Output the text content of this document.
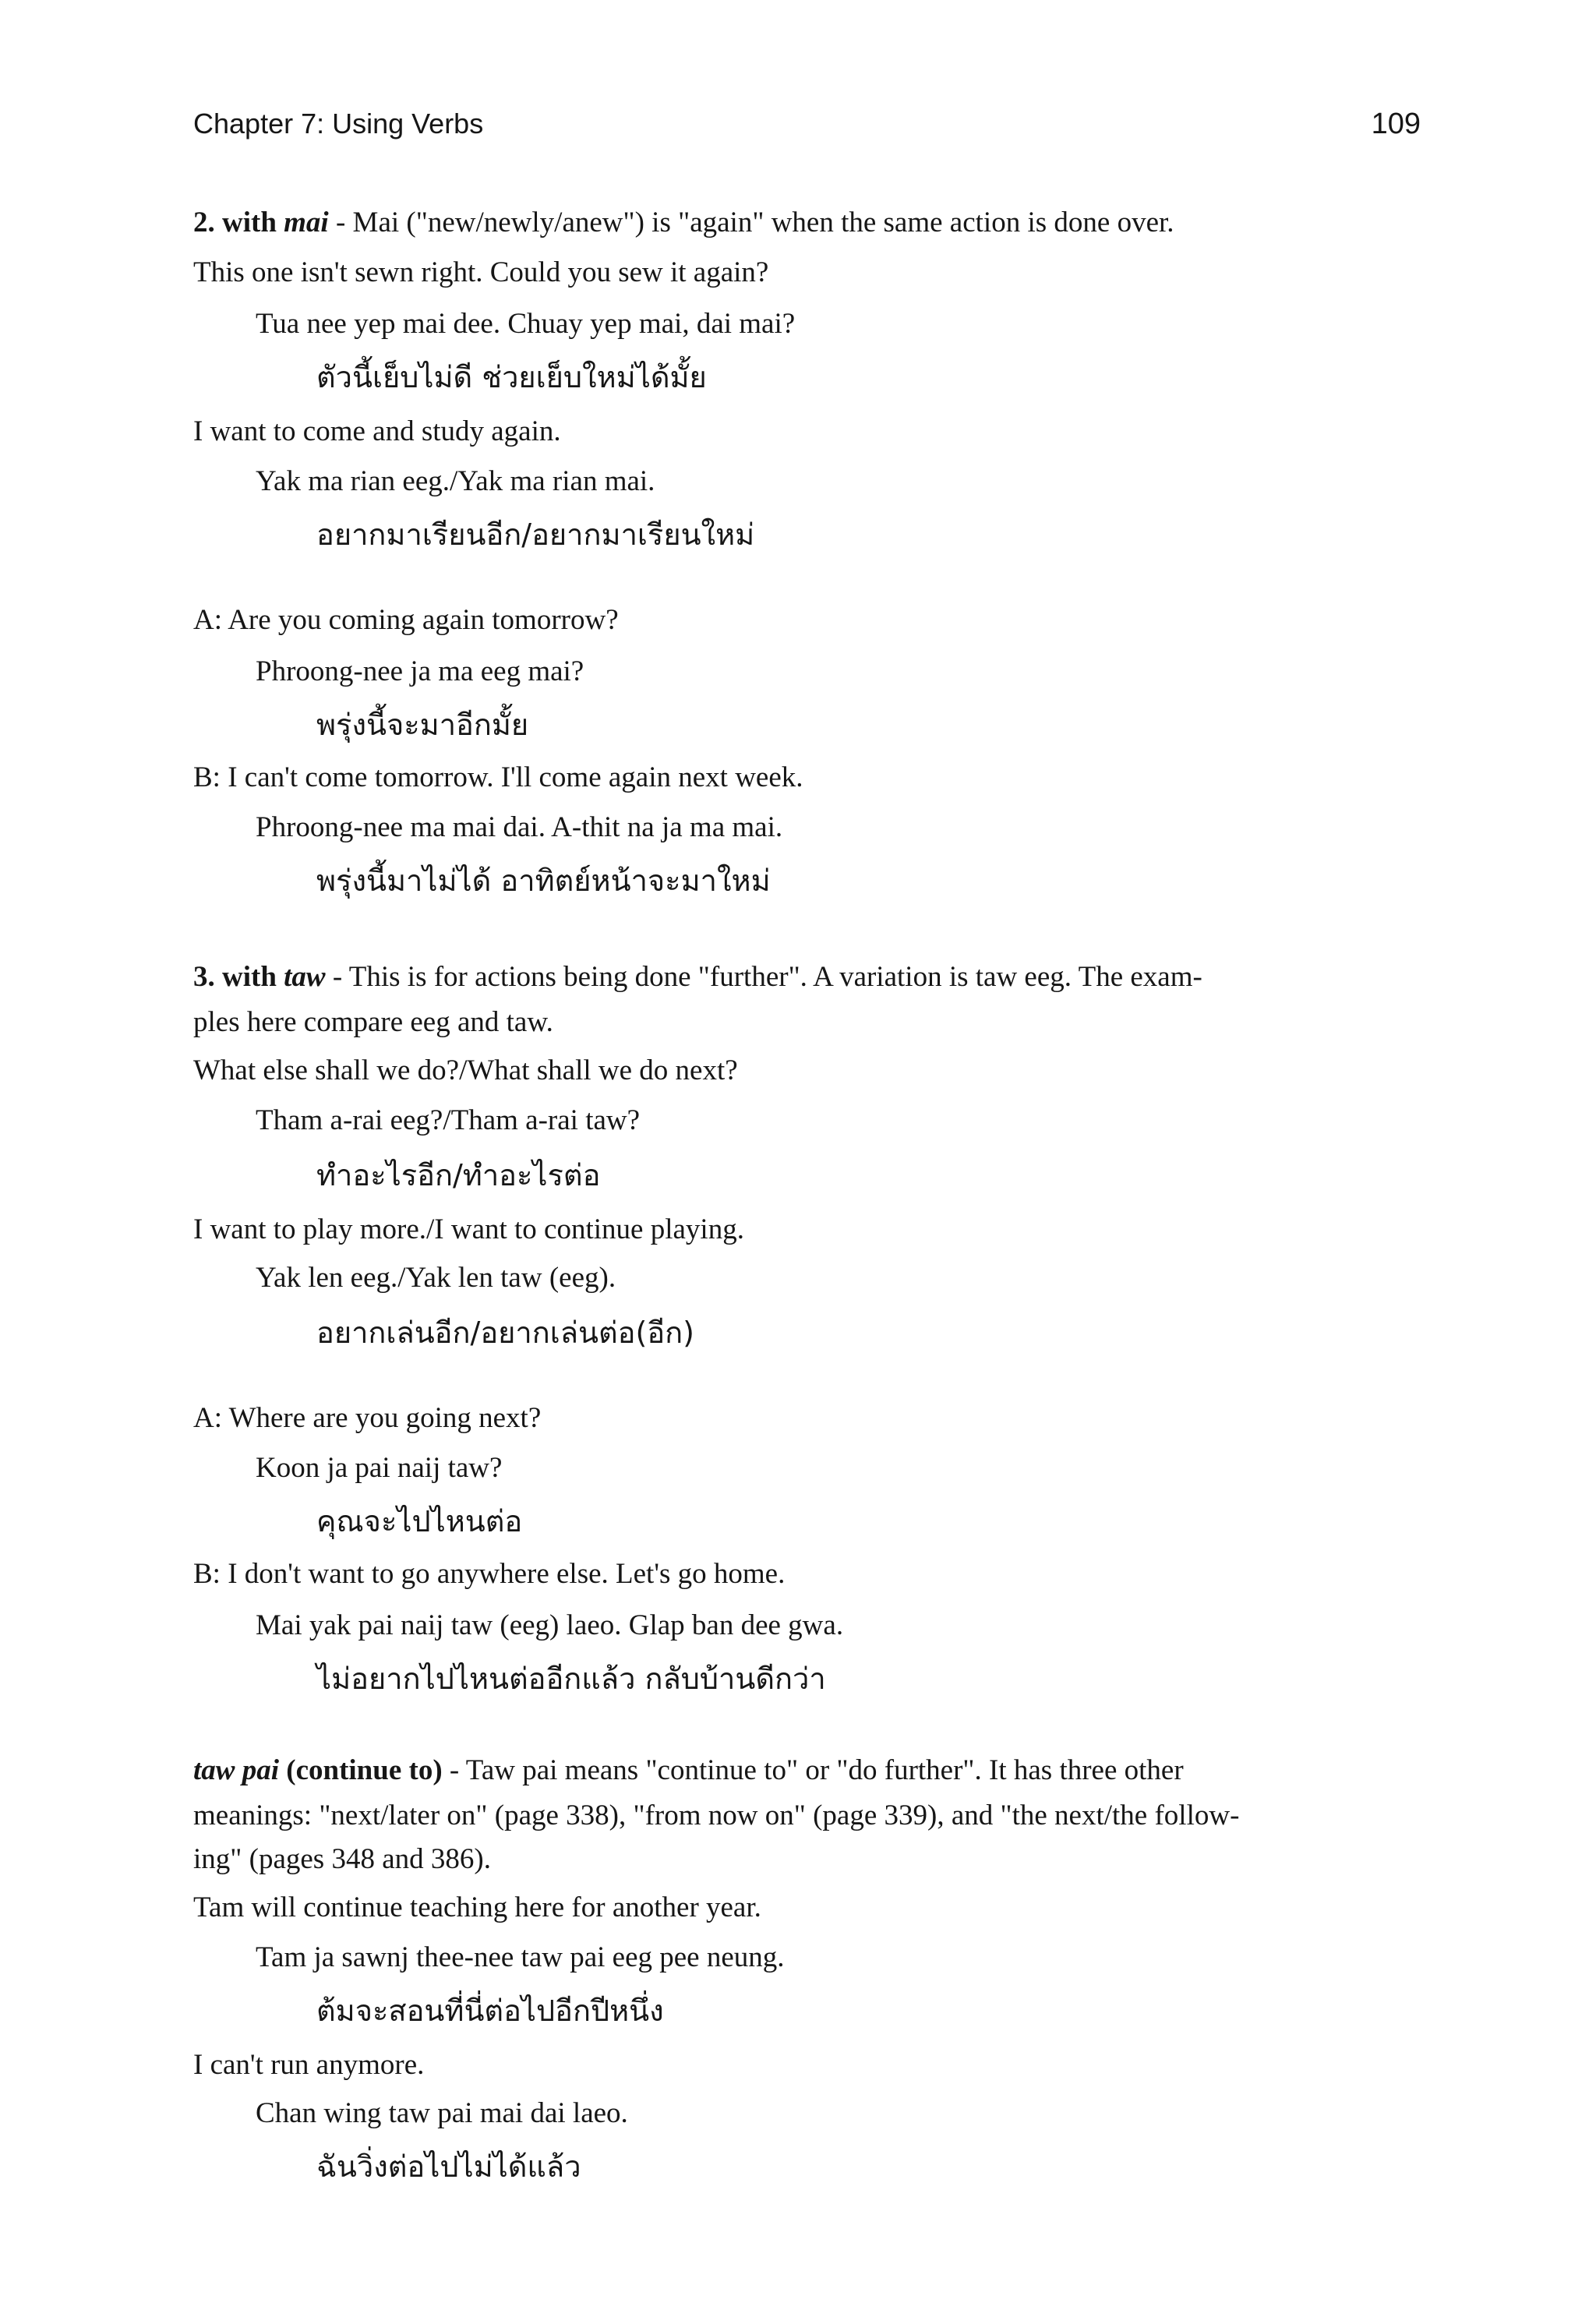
Chapter 7: Using Verbs	109
2. with mai - Mai ("new/newly/anew") is "again" when the same action is done over.
This one isn't sewn right. Could you sew it again?
Tua nee yep mai dee. Chuay yep mai, dai mai?
ตัวนี้เย็บไม่ดี ช่วยเย็บใหม่ได้มั้ย
I want to come and study again.
Yak ma rian eeg./Yak ma rian mai.
อยากมาเรียนอีก/อยากมาเรียนใหม่
A: Are you coming again tomorrow?
Phroong-nee ja ma eeg mai?
พรุ่งนี้จะมาอีกมั้ย
B: I can't come tomorrow. I'll come again next week.
Phroong-nee ma mai dai. A-thit na ja ma mai.
พรุ่งนี้มาไม่ได้ อาทิตย์หน้าจะมาใหม่
3. with taw - This is for actions being done "further". A variation is taw eeg. The exam-
ples here compare eeg and taw.
What else shall we do?/What shall we do next?
Tham a-rai eeg?/Tham a-rai taw?
ทำอะไรอีก/ทำอะไรต่อ
I want to play more./I want to continue playing.
Yak len eeg./Yak len taw (eeg).
อยากเล่นอีก/อยากเล่นต่อ(อีก)
A: Where are you going next?
Koon ja pai naij taw?
คุณจะไปไหนต่อ
B: I don't want to go anywhere else. Let's go home.
Mai yak pai naij taw (eeg) laeo. Glap ban dee gwa.
ไม่อยากไปไหนต่ออีกแล้ว กลับบ้านดีกว่า
taw pai (continue to) - Taw pai means "continue to" or "do further". It has three other
meanings: "next/later on" (page 338), "from now on" (page 339), and "the next/the follow-
ing" (pages 348 and 386).
Tam will continue teaching here for another year.
Tam ja sawnj thee-nee taw pai eeg pee neung.
ต้มจะสอนที่นี่ต่อไปอีกปีหนึ่ง
I can't run anymore.
Chan wing taw pai mai dai laeo.
ฉันวิ่งต่อไปไม่ได้แล้ว
